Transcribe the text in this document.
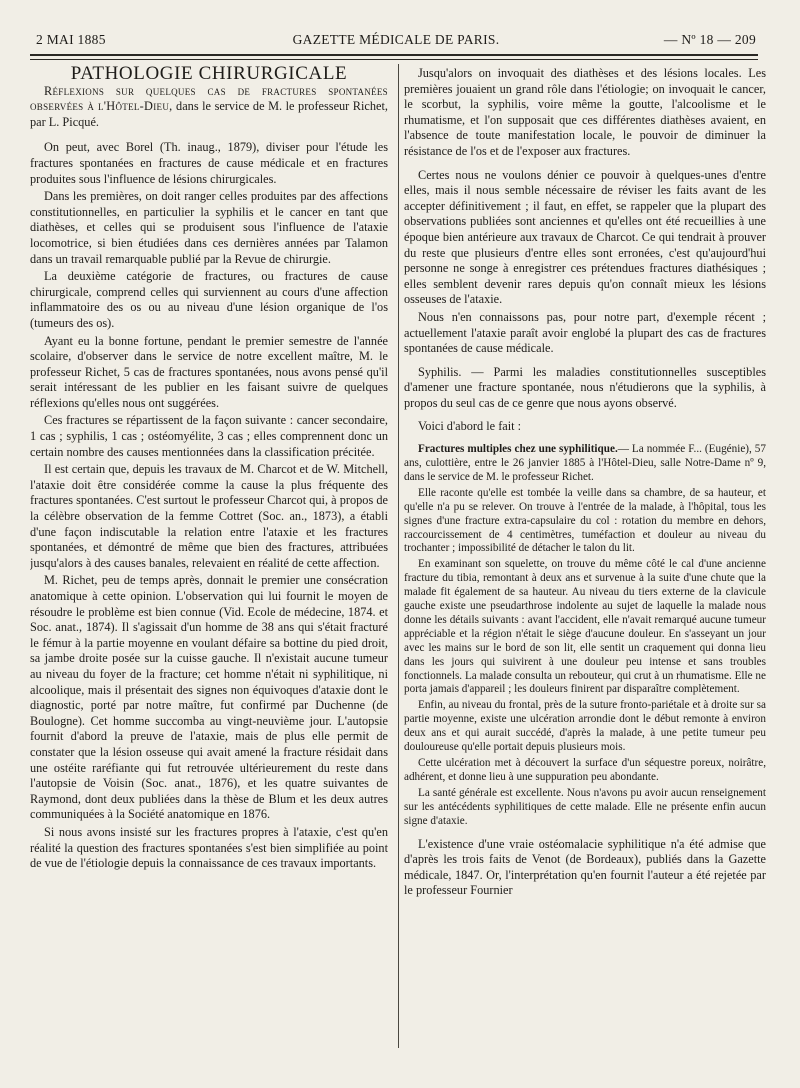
2 MAI 1885	GAZETTE MÉDICALE DE PARIS.	— Nº 18 — 209

PATHOLOGIE CHIRURGICALE

Réflexions sur quelques cas de fractures spontanées observées à l'Hôtel-Dieu, dans le service de M. le professeur Richet, par L. Picqué.

On peut, avec Borel (Th. inaug., 1879), diviser pour l'étude les fractures spontanées en fractures de cause médicale et en fractures produites sous l'influence de lésions chirurgicales.

Dans les premières, on doit ranger celles produites par des affections constitutionnelles, en particulier la syphilis et le cancer en tant que diathèses, et celles qui se produisent sous l'influence de l'ataxie locomotrice, si bien étudiées dans ces dernières années par Talamon dans un travail remarquable publié par la Revue de chirurgie.

La deuxième catégorie de fractures, ou fractures de cause chirurgicale, comprend celles qui surviennent au cours d'une affection inflammatoire des os ou au niveau d'une lésion organique de l'os (tumeurs des os).

Ayant eu la bonne fortune, pendant le premier semestre de l'année scolaire, d'observer dans le service de notre excellent maître, M. le professeur Richet, 5 cas de fractures spontanées, nous avons pensé qu'il serait intéressant de les publier en les faisant suivre de quelques réflexions qu'elles nous ont suggérées.

Ces fractures se répartissent de la façon suivante : cancer secondaire, 1 cas ; syphilis, 1 cas ; ostéomyélite, 3 cas ; elles comprennent donc un certain nombre des causes mentionnées dans la classification précitée.

Il est certain que, depuis les travaux de M. Charcot et de W. Mitchell, l'ataxie doit être considérée comme la cause la plus fréquente des fractures spontanées. C'est surtout le professeur Charcot qui, à propos de la célèbre observation de la femme Cottret (Soc. an., 1873), a établi d'une façon indiscutable la relation entre l'ataxie et les fractures spontanées, et démontré de même que bien des fractures, attribuées jusqu'alors à des causes banales, relevaient en réalité de cette affection.

M. Richet, peu de temps après, donnait le premier une consécration anatomique à cette opinion. L'observation qui lui fournit le moyen de résoudre le problème est bien connue (Vid. Ecole de médecine, 1874. et Soc. anat., 1874). Il s'agissait d'un homme de 38 ans qui s'était fracturé le fémur à la partie moyenne en voulant défaire sa bottine du pied droit, sa jambe droite posée sur la cuisse gauche. Il n'existait aucune tumeur au niveau du foyer de la fracture; cet homme n'était ni syphilitique, ni alcoolique, mais il présentait des signes non équivoques d'ataxie dont le diagnostic, porté par notre maître, fut confirmé par Duchenne (de Boulogne). Cet homme succomba au vingt-neuvième jour. L'autopsie fournit d'abord la preuve de l'ataxie, mais de plus elle permit de constater que la lésion osseuse qui avait amené la fracture résidait dans une ostéite raréfiante qui fut retrouvée ultérieurement du reste dans l'autopsie de Voisin (Soc. anat., 1876), et les quatre suivantes de Raymond, dont deux publiées dans la thèse de Blum et les deux autres communiquées à la Société anatomique en 1876.

Si nous avons insisté sur les fractures propres à l'ataxie, c'est qu'en réalité la question des fractures spontanées s'est bien simplifiée au point de vue de l'étiologie depuis la connaissance de ces travaux importants.

Jusqu'alors on invoquait des diathèses et des lésions locales. Les premières jouaient un grand rôle dans l'étiologie; on invoquait le cancer, le scorbut, la syphilis, voire même la goutte, l'alcoolisme et le rhumatisme, et l'on supposait que ces différentes diathèses avaient, en l'absence de toute manifestation locale, le pouvoir de diminuer la résistance de l'os et de l'exposer aux fractures.

Certes nous ne voulons dénier ce pouvoir à quelques-unes d'entre elles, mais il nous semble nécessaire de réviser les faits avant de les accepter définitivement ; il faut, en effet, se rappeler que la plupart des observations publiées sont anciennes et qu'elles ont été recueillies à une époque bien antérieure aux travaux de Charcot. Ce qui tendrait à prouver du reste que plusieurs d'entre elles sont erronées, c'est qu'aujourd'hui personne ne songe à enregistrer ces prétendues fractures diathésiques ; elles semblent devenir rares depuis qu'on connaît mieux les lésions osseuses de l'ataxie.

Nous n'en connaissons pas, pour notre part, d'exemple récent ; actuellement l'ataxie paraît avoir englobé la plupart des cas de fractures spontanées de cause médicale.

Syphilis. — Parmi les maladies constitutionnelles susceptibles d'amener une fracture spontanée, nous n'étudierons que la syphilis, à propos du seul cas de ce genre que nous ayons observé.

Voici d'abord le fait :

Fractures multiples chez une syphilitique.— La nommée F... (Eugénie), 57 ans, culottière, entre le 26 janvier 1885 à l'Hôtel-Dieu, salle Notre-Dame nº 9, dans le service de M. le professeur Richet.

Elle raconte qu'elle est tombée la veille dans sa chambre, de sa hauteur, et qu'elle n'a pu se relever. On trouve à l'entrée de la malade, à l'hôpital, tous les signes d'une fracture extra-capsulaire du col : rotation du membre en dehors, raccourcissement de 4 centimètres, tuméfaction et douleur au niveau du trochanter ; impossibilité de détacher le talon du lit.

En examinant son squelette, on trouve du même côté le cal d'une ancienne fracture du tibia, remontant à deux ans et survenue à la suite d'une chute que la malade fit également de sa hauteur. Au niveau du tiers externe de la clavicule gauche existe une pseudarthrose indolente au sujet de laquelle la malade nous donne les détails suivants : avant l'accident, elle n'avait remarqué aucune tumeur appréciable et la région n'était le siège d'aucune douleur. En s'asseyant un jour avec les mains sur le bord de son lit, elle sentit un craquement qui donna lieu dans les jours qui suivirent à une douleur peu intense et sans troubles fonctionnels. La malade consulta un rebouteur, qui crut à un rhumatisme. Elle ne porta jamais d'appareil ; les douleurs finirent par disparaître complètement.

Enfin, au niveau du frontal, près de la suture fronto-pariétale et à droite sur sa partie moyenne, existe une ulcération arrondie dont le début remonte à environ deux ans et qui aurait succédé, d'après la malade, à une petite tumeur peu douloureuse qu'elle portait depuis plusieurs mois.

Cette ulcération met à découvert la surface d'un séquestre poreux, noirâtre, adhérent, et donne lieu à une suppuration peu abondante.

La santé générale est excellente. Nous n'avons pu avoir aucun renseignement sur les antécédents syphilitiques de cette malade. Elle ne présente enfin aucun signe d'ataxie.

L'existence d'une vraie ostéomalacie syphilitique n'a été admise que d'après les trois faits de Venot (de Bordeaux), publiés dans la Gazette médicale, 1847. Or, l'interprétation qu'en fournit l'auteur a été rejetée par le professeur Fournier
